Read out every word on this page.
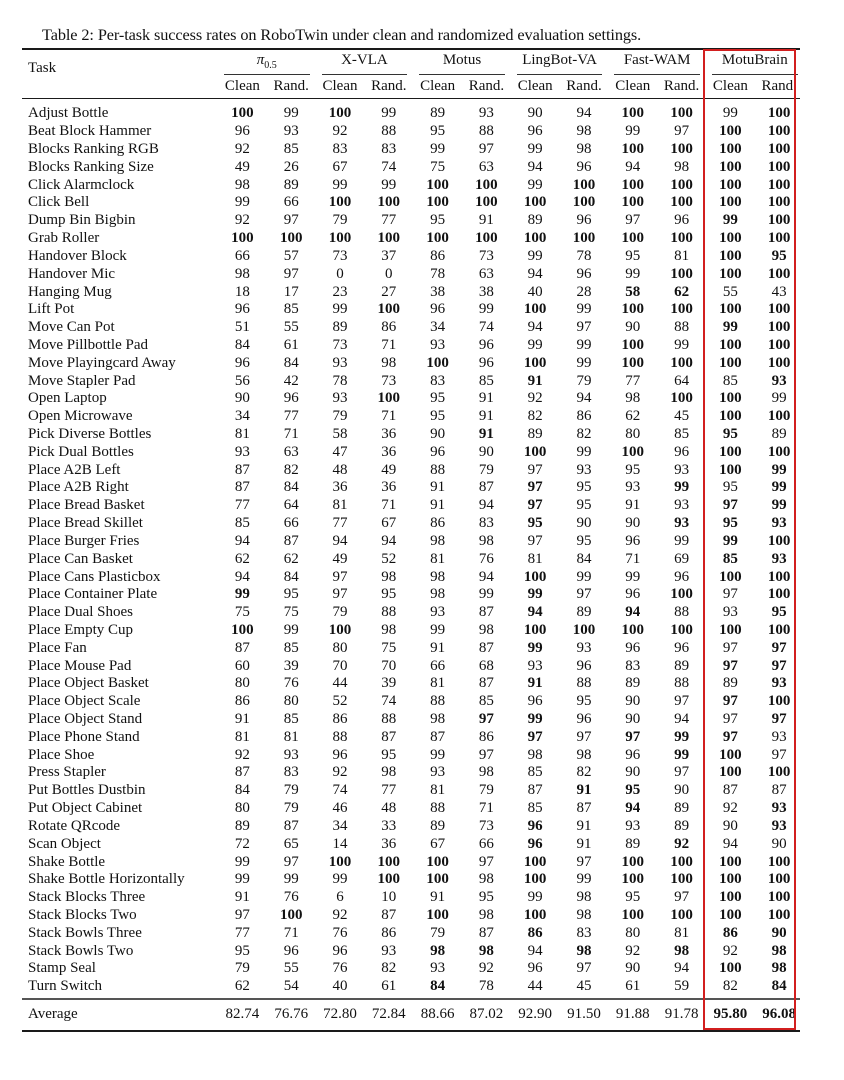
Table 2: Per-task success rates on RoboTwin under clean and randomized evaluation settings.
Task	$\pi_{0.5}$	X-VLA	Motus	LingBot-VA	Fast-WAM	MotuBrain
Clean Rand. Clean Rand. Clean Rand. Clean Rand. Clean Rand. Clean Rand.
Adjust Bottle	100	99	100	99	89	93	90	94	100	100	99	100
Beat Block Hammer	96	93	92	88	95	88	96	98	99	97	100	100
Blocks Ranking RGB	92	85	83	83	99	97	99	98	100	100	100	100
Blocks Ranking Size	49	26	67	74	75	63	94	96	94	98	100	100
Click Alarmclock	98	89	99	99	100	100	99	100	100	100	100	100
Click Bell	99	66	100	100	100	100	100	100	100	100	100	100
Dump Bin Bigbin	92	97	79	77	95	91	89	96	97	96	99	100
Grab Roller	100	100	100	100	100	100	100	100	100	100	100	100
Handover Block	66	57	73	37	86	73	99	78	95	81	100	95
Handover Mic	98	97	0	0	78	63	94	96	99	100	100	100
Hanging Mug	18	17	23	27	38	38	40	28	58	62	55	43
Lift Pot	96	85	99	100	96	99	100	99	100	100	100	100
Move Can Pot	51	55	89	86	34	74	94	97	90	88	99	100
Move Pillbottle Pad	84	61	73	71	93	96	99	99	100	99	100	100
Move Playingcard Away	96	84	93	98	100	96	100	99	100	100	100	100
Move Stapler Pad	56	42	78	73	83	85	91	79	77	64	85	93
Open Laptop	90	96	93	100	95	91	92	94	98	100	100	99
Open Microwave	34	77	79	71	95	91	82	86	62	45	100	100
Pick Diverse Bottles	81	71	58	36	90	91	89	82	80	85	95	89
Pick Dual Bottles	93	63	47	36	96	90	100	99	100	96	100	100
Place A2B Left	87	82	48	49	88	79	97	93	95	93	100	99
Place A2B Right	87	84	36	36	91	87	97	95	93	99	95	99
Place Bread Basket	77	64	81	71	91	94	97	95	91	93	97	99
Place Bread Skillet	85	66	77	67	86	83	95	90	90	93	95	93
Place Burger Fries	94	87	94	94	98	98	97	95	96	99	99	100
Place Can Basket	62	62	49	52	81	76	81	84	71	69	85	93
Place Cans Plasticbox	94	84	97	98	98	94	100	99	99	96	100	100
Place Container Plate	99	95	97	95	98	99	99	97	96	100	97	100
Place Dual Shoes	75	75	79	88	93	87	94	89	94	88	93	95
Place Empty Cup	100	99	100	98	99	98	100	100	100	100	100	100
Place Fan	87	85	80	75	91	87	99	93	96	96	97	97
Place Mouse Pad	60	39	70	70	66	68	93	96	83	89	97	97
Place Object Basket	80	76	44	39	81	87	91	88	89	88	89	93
Place Object Scale	86	80	52	74	88	85	96	95	90	97	97	100
Place Object Stand	91	85	86	88	98	97	99	96	90	94	97	97
Place Phone Stand	81	81	88	87	87	86	97	97	97	99	97	93
Place Shoe	92	93	96	95	99	97	98	98	96	99	100	97
Press Stapler	87	83	92	98	93	98	85	82	90	97	100	100
Put Bottles Dustbin	84	79	74	77	81	79	87	91	95	90	87	87
Put Object Cabinet	80	79	46	48	88	71	85	87	94	89	92	93
Rotate QRcode	89	87	34	33	89	73	96	91	93	89	90	93
Scan Object	72	65	14	36	67	66	96	91	89	92	94	90
Shake Bottle	99	97	100	100	100	97	100	97	100	100	100	100
Shake Bottle Horizontally	99	99	99	100	100	98	100	99	100	100	100	100
Stack Blocks Three	91	76	6	10	91	95	99	98	95	97	100	100
Stack Blocks Two	97	100	92	87	100	98	100	98	100	100	100	100
Stack Bowls Three	77	71	76	86	79	87	86	83	80	81	86	90
Stack Bowls Two	95	96	96	93	98	98	94	98	92	98	92	98
Stamp Seal	79	55	76	82	93	92	96	97	90	94	100	98
Turn Switch	62	54	40	61	84	78	44	45	61	59	82	84
Average	82.74	76.76	72.80	72.84	88.66	87.02	92.90	91.50	91.88	91.78	95.80	96.08
